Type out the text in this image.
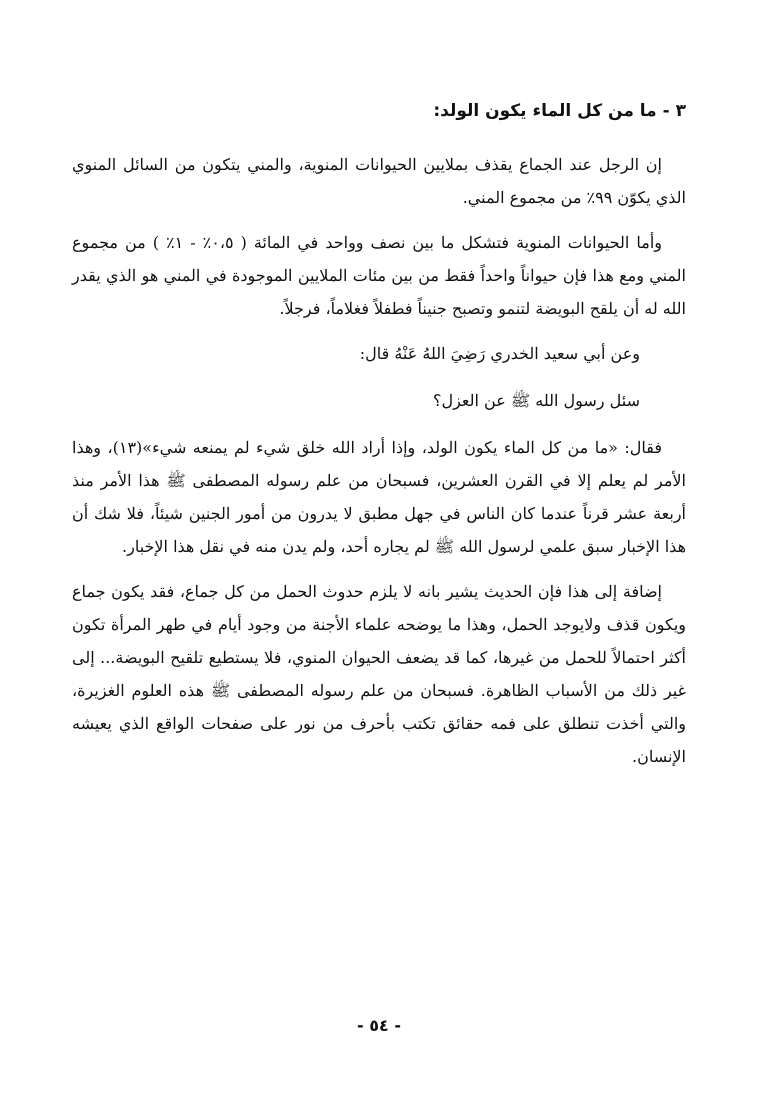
٣ - ما من كل الماء يكون الولد:

إن الرجل عند الجماع يقذف بملايين الحيوانات المنوية، والمني يتكون من السائل المنوي الذي يكوّن ٩٩٪ من مجموع المني.

وأما الحيوانات المنوية فتشكل ما بين نصف وواحد في المائة ( ٠،٥٪ - ١٪ ) من مجموع المني ومع هذا فإن حيواناً واحداً فقط من بين مئات الملايين الموجودة في المني هو الذي يقدر الله له أن يلقح البويضة لتنمو وتصبح جنيناً فطفلاً فغلاماً، فرجلاً.

وعن أبي سعيد الخدري رَضِيَ اللهُ عَنْهُ قال:

سئل رسول الله ﷺ عن العزل؟

فقال: «ما من كل الماء يكون الولد، وإذا أراد الله خلق شيء لم يمنعه شيء»(١٣)، وهذا الأمر لم يعلم إلا في القرن العشرين، فسبحان من علم رسوله المصطفى ﷺ هذا الأمر منذ أربعة عشر قرناً عندما كان الناس في جهل مطبق لا يدرون من أمور الجنين شيئاً، فلا شك أن هذا الإخبار سبق علمي لرسول الله ﷺ لم يجاره أحد، ولم يدن منه في نقل هذا الإخبار.

إضافة إلى هذا فإن الحديث يشير بانه لا يلزم حدوث الحمل من كل جماع، فقد يكون جماع ويكون قذف ولايوجد الحمل، وهذا ما يوضحه علماء الأجنة من وجود أيام في طهر المرأة تكون أكثر احتمالاً للحمل من غيرها، كما قد يضعف الحيوان المنوي، فلا يستطيع تلقيح البويضة... إلى غير ذلك من الأسباب الظاهرة. فسبحان من علم رسوله المصطفى ﷺ هذه العلوم الغزيرة، والتي أخذت تنطلق على فمه حقائق تكتب بأحرف من نور على صفحات الواقع الذي يعيشه الإنسان.

- ٥٤ -
